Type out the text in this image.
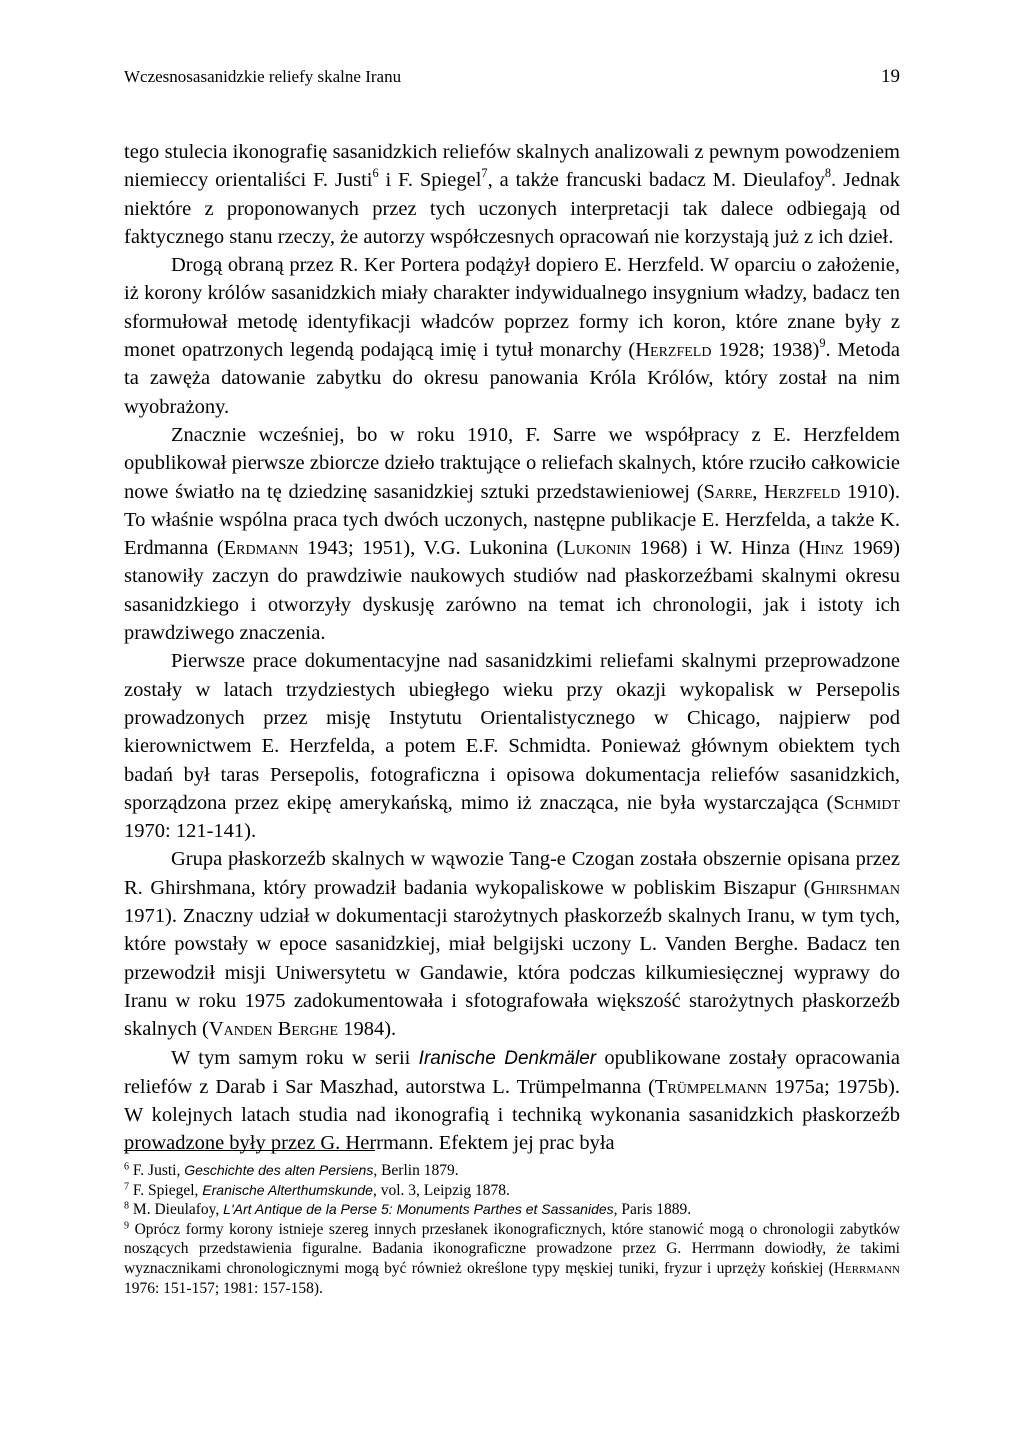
Wczesnosasanidzkie reliefy skalne Iranu	19

tego stulecia ikonografię sasanidzkich reliefów skalnych analizowali z pewnym powodzeniem niemieccy orientaliści F. Justi$^6$ i F. Spiegel$^7$, a także francuski badacz M. Dieulafoy$^8$. Jednak niektóre z proponowanych przez tych uczonych interpretacji tak dalece odbiegają od faktycznego stanu rzeczy, że autorzy współczesnych opracowań nie korzystają już z ich dzieł.

Drogą obraną przez R. Ker Portera podążył dopiero E. Herzfeld. W oparciu o założenie, iż korony królów sasanidzkich miały charakter indywidualnego insygnium władzy, badacz ten sformułował metodę identyfikacji władców poprzez formy ich koron, które znane były z monet opatrzonych legendą podającą imię i tytuł monarchy (Herzfeld 1928; 1938)$^9$. Metoda ta zawęża datowanie zabytku do okresu panowania Króla Królów, który został na nim wyobrażony.

Znacznie wcześniej, bo w roku 1910, F. Sarre we współpracy z E. Herzfeldem opublikował pierwsze zbiorcze dzieło traktujące o reliefach skalnych, które rzuciło całkowicie nowe światło na tę dziedzinę sasanidzkiej sztuki przedstawieniowej (Sarre, Herzfeld 1910). To właśnie wspólna praca tych dwóch uczonych, następne publikacje E. Herzfelda, a także K. Erdmanna (Erdmann 1943; 1951), V.G. Lukonina (Lukonin 1968) i W. Hinza (Hinz 1969) stanowiły zaczyn do prawdziwie naukowych studiów nad płaskorzeźbami skalnymi okresu sasanidzkiego i otworzyły dyskusję zarówno na temat ich chronologii, jak i istoty ich prawdziwego znaczenia.

Pierwsze prace dokumentacyjne nad sasanidzkimi reliefami skalnymi przeprowadzone zostały w latach trzydziestych ubiegłego wieku przy okazji wykopalisk w Persepolis prowadzonych przez misję Instytutu Orientalistycznego w Chicago, najpierw pod kierownictwem E. Herzfelda, a potem E.F. Schmidta. Ponieważ głównym obiektem tych badań był taras Persepolis, fotograficzna i opisowa dokumentacja reliefów sasanidzkich, sporządzona przez ekipę amerykańską, mimo iż znacząca, nie była wystarczająca (Schmidt 1970: 121-141).

Grupa płaskorzeźb skalnych w wąwozie Tang-e Czogan została obszernie opisana przez R. Ghirshmana, który prowadził badania wykopaliskowe w pobliskim Biszapur (Ghirshman 1971). Znaczny udział w dokumentacji starożytnych płaskorzeźb skalnych Iranu, w tym tych, które powstały w epoce sasanidzkiej, miał belgijski uczony L. Vanden Berghe. Badacz ten przewodził misji Uniwersytetu w Gandawie, która podczas kilkumiesięcznej wyprawy do Iranu w roku 1975 zadokumentowała i sfotografowała większość starożytnych płaskorzeźb skalnych (Vanden Berghe 1984).

W tym samym roku w serii Iranische Denkmäler opublikowane zostały opracowania reliefów z Darab i Sar Maszhad, autorstwa L. Trümpelmanna (Trümpelmann 1975a; 1975b). W kolejnych latach studia nad ikonografią i techniką wykonania sasanidzkich płaskorzeźb prowadzone były przez G. Herrmann. Efektem jej prac była

$^6$ F. Justi, Geschichte des alten Persiens, Berlin 1879.

$^7$ F. Spiegel, Eranische Alterthumskunde, vol. 3, Leipzig 1878.

$^8$ M. Dieulafoy, L'Art Antique de la Perse 5: Monuments Parthes et Sassanides, Paris 1889.

$^9$ Oprócz formy korony istnieje szereg innych przesłanek ikonograficznych, które stanowić mogą o chronologii zabytków noszących przedstawienia figuralne. Badania ikonograficzne prowadzone przez G. Herrmann dowiodły, że takimi wyznacznikami chronologicznymi mogą być również określone typy męskiej tuniki, fryzur i uprzęży końskiej (Herrmann 1976: 151-157; 1981: 157-158).
